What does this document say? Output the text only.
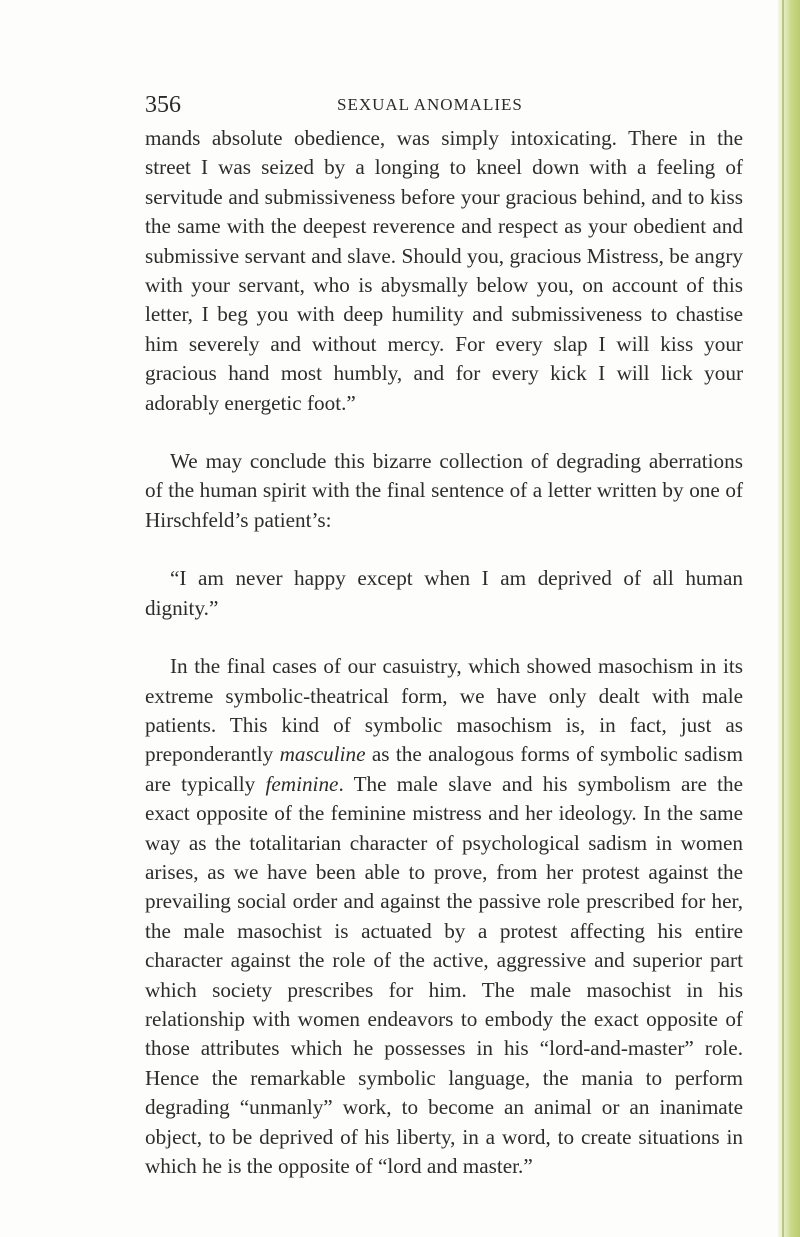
356	SEXUAL ANOMALIES

mands absolute obedience, was simply intoxicating. There in the street I was seized by a longing to kneel down with a feeling of servitude and submissiveness before your gracious behind, and to kiss the same with the deepest reverence and respect as your obedient and submissive servant and slave. Should you, gracious Mistress, be angry with your servant, who is abysmally below you, on account of this letter, I beg you with deep humility and submissiveness to chastise him severely and without mercy. For every slap I will kiss your gracious hand most humbly, and for every kick I will lick your adorably energetic foot.”

We may conclude this bizarre collection of degrading aberrations of the human spirit with the final sentence of a letter written by one of Hirschfeld’s patient’s:

“I am never happy except when I am deprived of all human dignity.”

In the final cases of our casuistry, which showed masochism in its extreme symbolic-theatrical form, we have only dealt with male patients. This kind of symbolic masochism is, in fact, just as preponderantly masculine as the analogous forms of symbolic sadism are typically feminine. The male slave and his symbolism are the exact opposite of the feminine mistress and her ideology. In the same way as the totalitarian character of psychological sadism in women arises, as we have been able to prove, from her protest against the prevailing social order and against the passive role prescribed for her, the male masochist is actuated by a protest affecting his entire character against the role of the active, aggressive and superior part which society prescribes for him. The male masochist in his relationship with women endeavors to embody the exact opposite of those attributes which he possesses in his “lord-and-master” role. Hence the remarkable symbolic language, the mania to perform degrading “unmanly” work, to become an animal or an inanimate object, to be deprived of his liberty, in a word, to create situations in which he is the opposite of “lord and master.”
